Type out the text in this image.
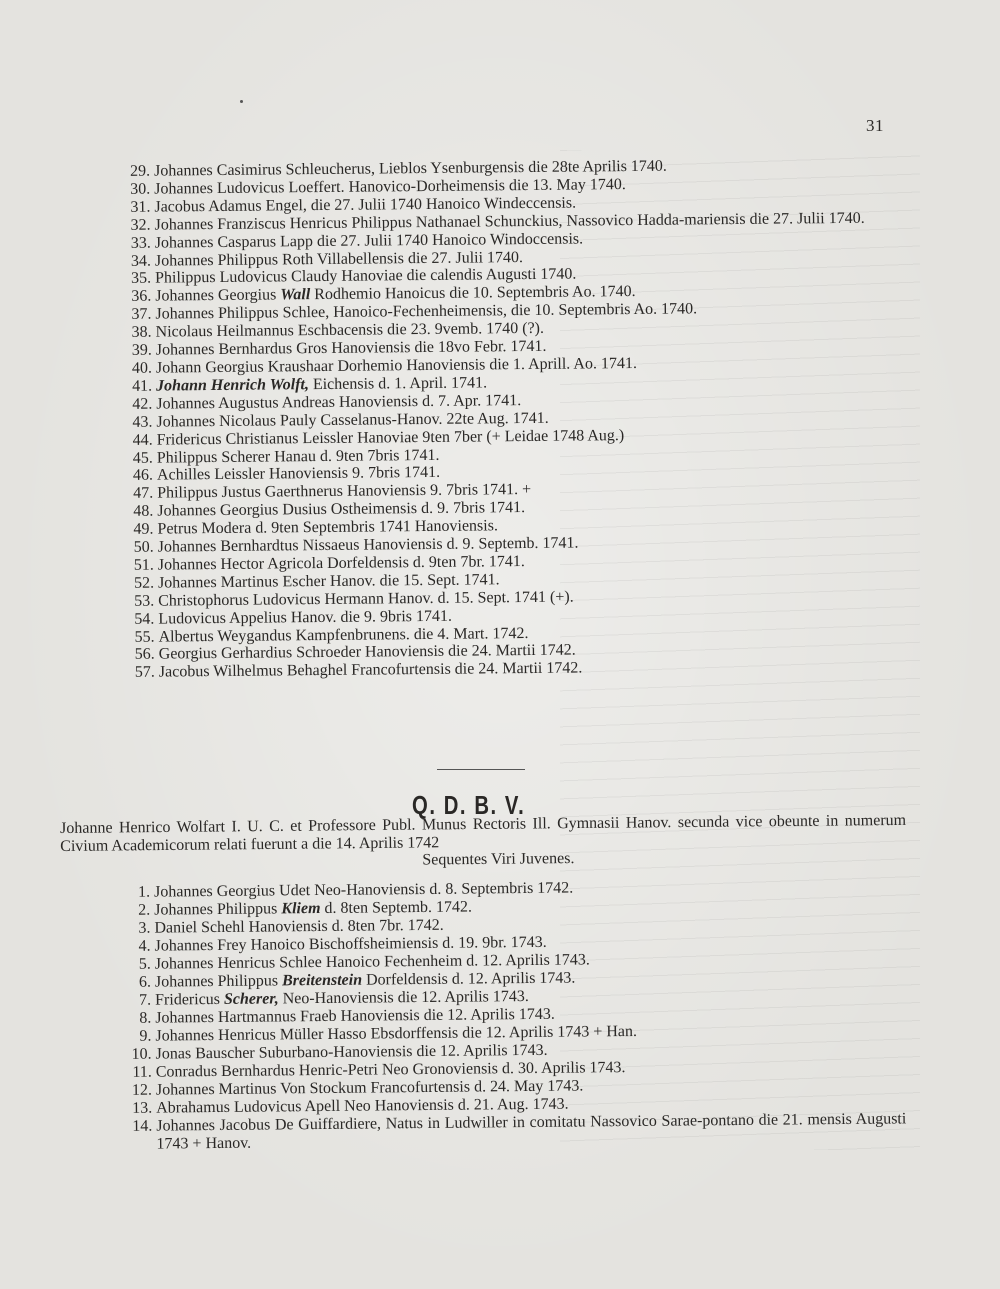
31
29. Johannes Casimirus Schleucherus, Lieblos Ysenburgensis die 28te Aprilis 1740.
30. Johannes Ludovicus Loeffert. Hanovico-Dorheimensis die 13. May 1740.
31. Jacobus Adamus Engel, die 27. Julii 1740 Hanoico Windeccensis.
32. Johannes Franziscus Henricus Philippus Nathanael Schunckius, Nassovico Hadda-mariensis die 27. Julii 1740.
33. Johannes Casparus Lapp die 27. Julii 1740 Hanoico Windoccensis.
34. Johannes Philippus Roth Villabellensis die 27. Julii 1740.
35. Philippus Ludovicus Claudy Hanoviae die calendis Augusti 1740.
36. Johannes Georgius Wall Rodhemio Hanoicus die 10. Septembris Ao. 1740.
37. Johannes Philippus Schlee, Hanoico-Fechenheimensis, die 10. Septembris Ao. 1740.
38. Nicolaus Heilmannus Eschbacensis die 23. 9vemb. 1740 (?).
39. Johannes Bernhardus Gros Hanoviensis die 18vo Febr. 1741.
40. Johann Georgius Kraushaar Dorhemio Hanoviensis die 1. Aprill. Ao. 1741.
41. Johann Henrich Wolft, Eichensis d. 1. April. 1741.
42. Johannes Augustus Andreas Hanoviensis d. 7. Apr. 1741.
43. Johannes Nicolaus Pauly Casselanus-Hanov. 22te Aug. 1741.
44. Fridericus Christianus Leissler Hanoviae 9ten 7ber (+ Leidae 1748 Aug.)
45. Philippus Scherer Hanau d. 9ten 7bris 1741.
46. Achilles Leissler Hanoviensis 9. 7bris 1741.
47. Philippus Justus Gaerthnerus Hanoviensis 9. 7bris 1741. +
48. Johannes Georgius Dusius Ostheimensis d. 9. 7bris 1741.
49. Petrus Modera d. 9ten Septembris 1741 Hanoviensis.
50. Johannes Bernhardtus Nissaeus Hanoviensis d. 9. Septemb. 1741.
51. Johannes Hector Agricola Dorfeldensis d. 9ten 7br. 1741.
52. Johannes Martinus Escher Hanov. die 15. Sept. 1741.
53. Christophorus Ludovicus Hermann Hanov. d. 15. Sept. 1741 (+).
54. Ludovicus Appelius Hanov. die 9. 9bris 1741.
55. Albertus Weygandus Kampfenbrunens. die 4. Mart. 1742.
56. Georgius Gerhardius Schroeder Hanoviensis die 24. Martii 1742.
57. Jacobus Wilhelmus Behaghel Francofurtensis die 24. Martii 1742.
Q. D. B. V.
Johanne Henrico Wolfart I. U. C. et Professore Publ. Munus Rectoris Ill. Gymnasii Hanov. secunda vice obeunte in numerum Civium Academicorum relati fuerunt a die 14. Aprilis 1742
Sequentes Viri Juvenes.
1. Johannes Georgius Udet Neo-Hanoviensis d. 8. Septembris 1742.
2. Johannes Philippus Kliem d. 8ten Septemb. 1742.
3. Daniel Schehl Hanoviensis d. 8ten 7br. 1742.
4. Johannes Frey Hanoico Bischoffsheimiensis d. 19. 9br. 1743.
5. Johannes Henricus Schlee Hanoico Fechenheim d. 12. Aprilis 1743.
6. Johannes Philippus Breitenstein Dorfeldensis d. 12. Aprilis 1743.
7. Fridericus Scherer, Neo-Hanoviensis die 12. Aprilis 1743.
8. Johannes Hartmannus Fraeb Hanoviensis die 12. Aprilis 1743.
9. Johannes Henricus Müller Hasso Ebsdorffensis die 12. Aprilis 1743 + Han.
10. Jonas Bauscher Suburbano-Hanoviensis die 12. Aprilis 1743.
11. Conradus Bernhardus Henric-Petri Neo Gronoviensis d. 30. Aprilis 1743.
12. Johannes Martinus Von Stockum Francofurtensis d. 24. May 1743.
13. Abrahamus Ludovicus Apell Neo Hanoviensis d. 21. Aug. 1743.
14. Johannes Jacobus De Guiffardiere, Natus in Ludwiller in comitatu Nassovico Sarae-pontano die 21. mensis Augusti 1743 + Hanov.
